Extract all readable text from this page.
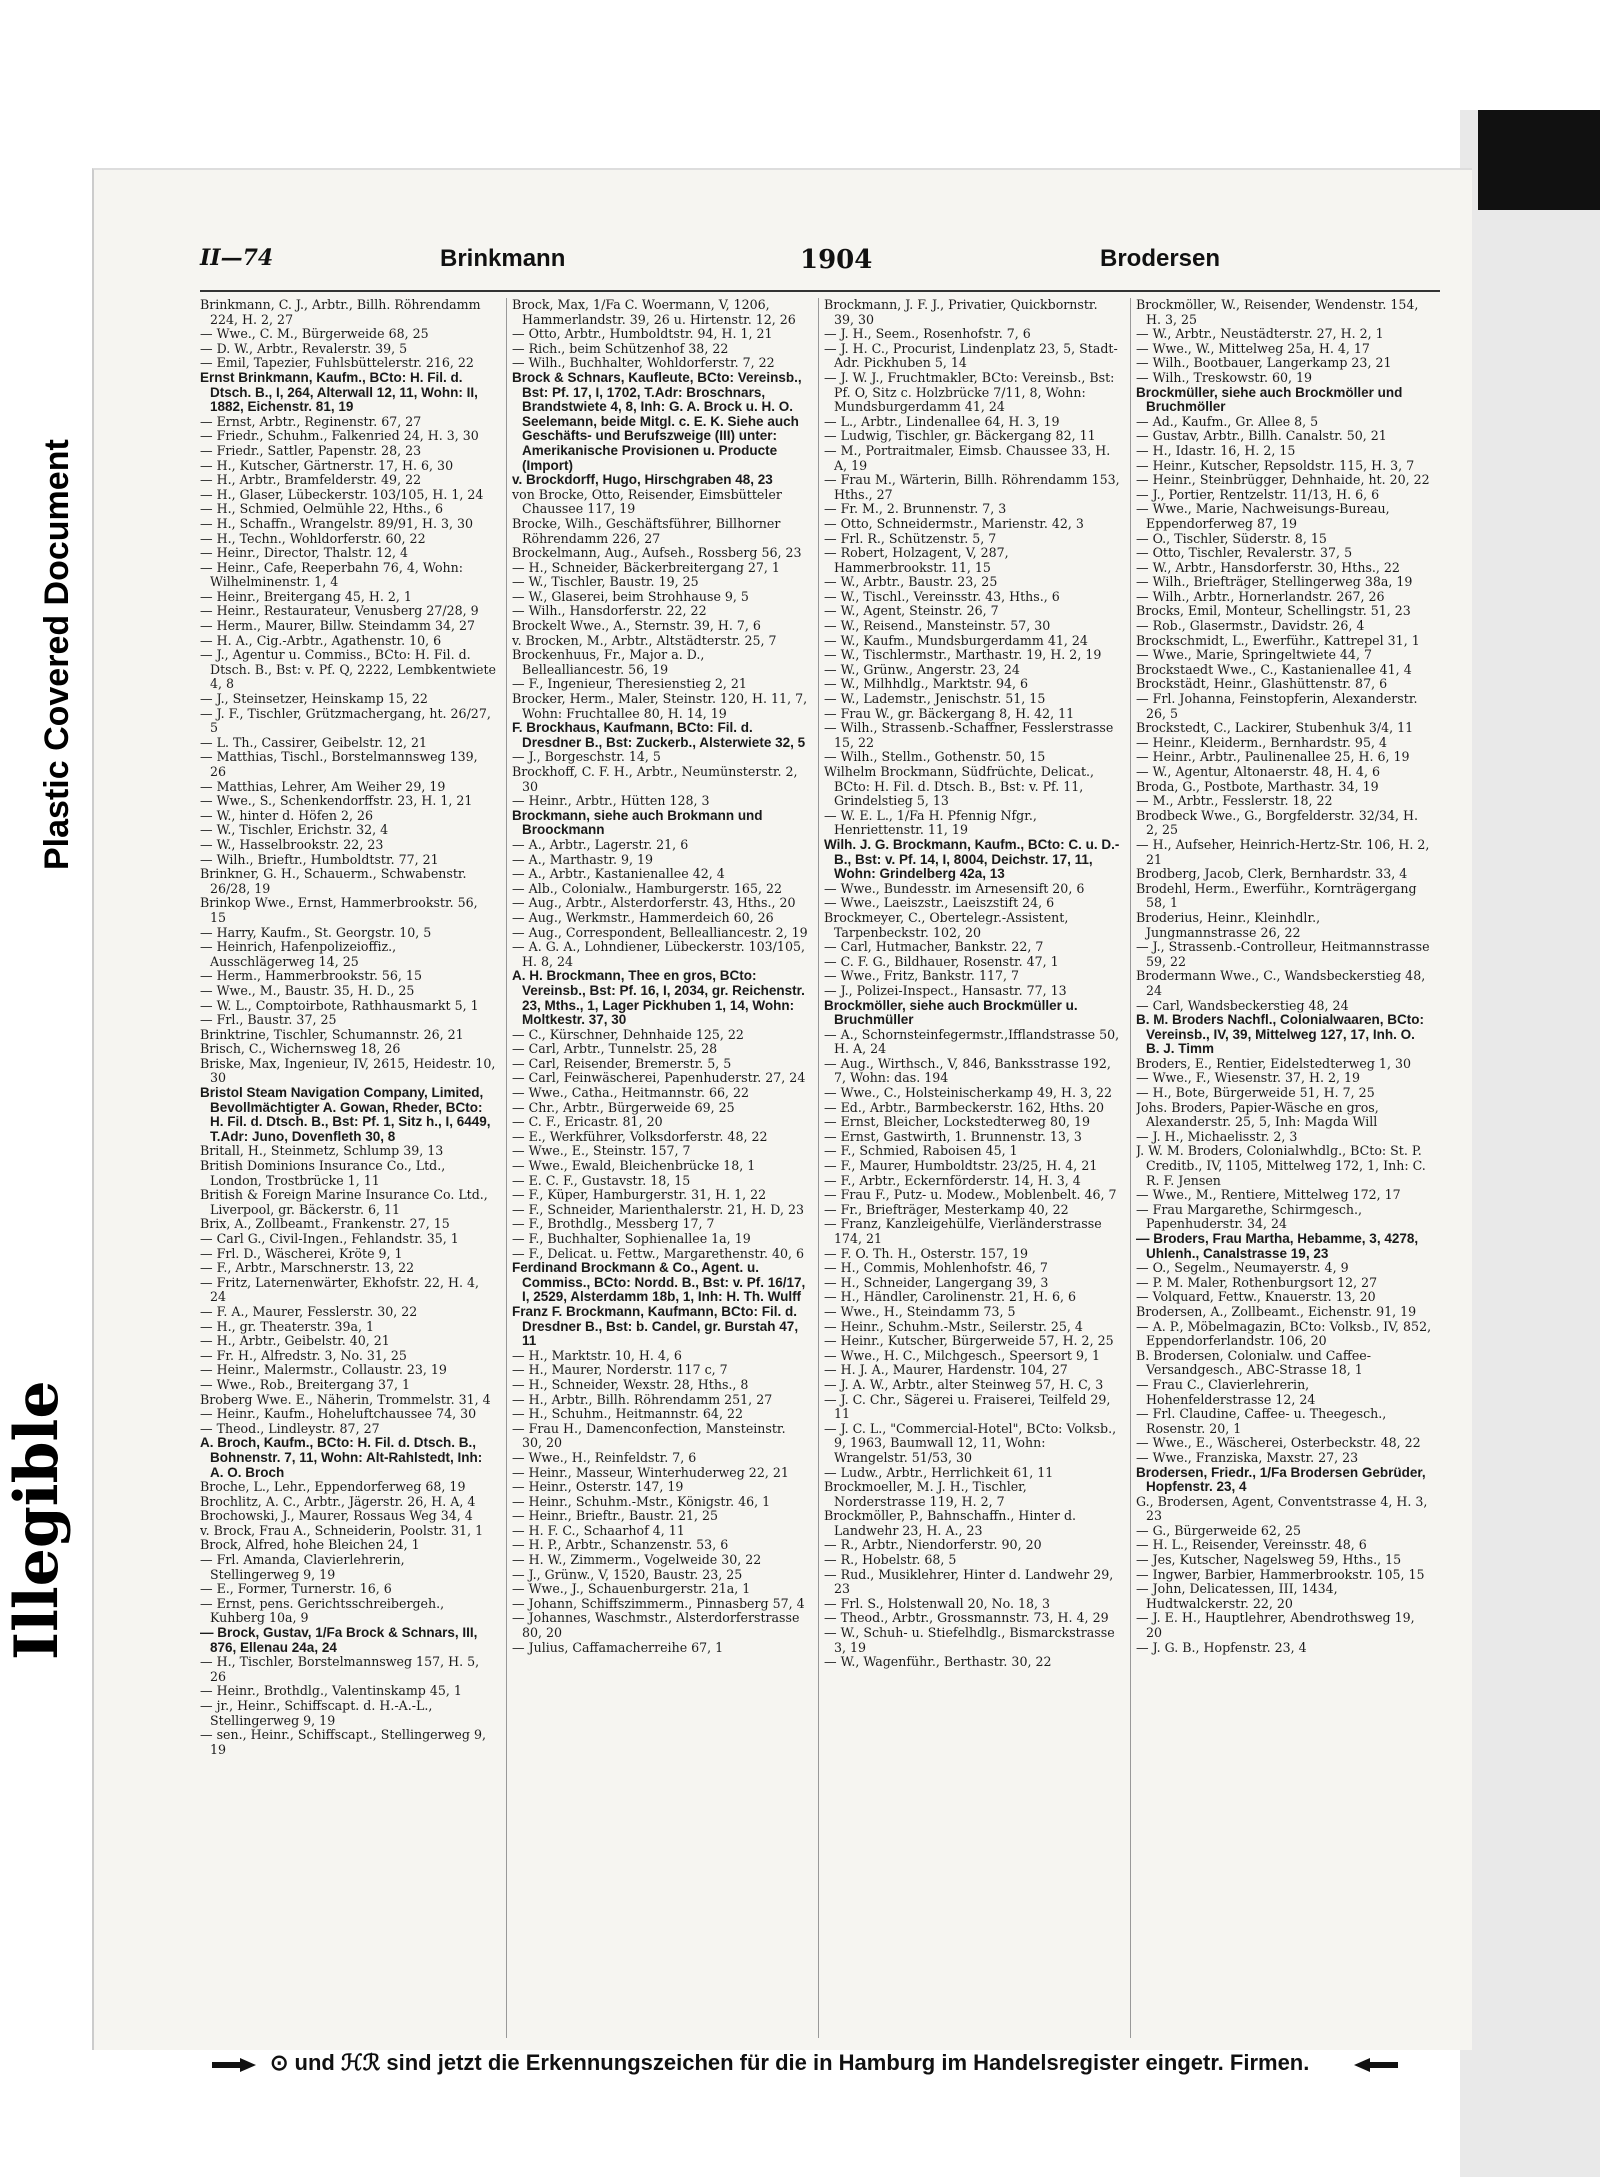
Plastic Covered Document
Illegible
II—74	Brinkmann	1904	Brodersen

Brinkmann, C. J., Arbtr., Billh. Röhrendamm 224, H. 2, 27

— Wwe., C. M., Bürgerweide 68, 25

— D. W., Arbtr., Revalerstr. 39, 5

— Emil, Tapezier, Fuhlsbüttelerstr. 216, 22

Ernst Brinkmann, Kaufm., BCto: H. Fil. d. Dtsch. B., I, 264, Alterwall 12, 11, Wohn: II, 1882, Eichenstr. 81, 19

— Ernst, Arbtr., Reginenstr. 67, 27

— Friedr., Schuhm., Falkenried 24, H. 3, 30

— Friedr., Sattler, Papenstr. 28, 23

— H., Kutscher, Gärtnerstr. 17, H. 6, 30

— H., Arbtr., Bramfelderstr. 49, 22

— H., Glaser, Lübeckerstr. 103/105, H. 1, 24

— H., Schmied, Oelmühle 22, Hths., 6

— H., Schaffn., Wrangelstr. 89/91, H. 3, 30

— H., Techn., Wohldorferstr. 60, 22

— Heinr., Director, Thalstr. 12, 4

— Heinr., Cafe, Reeperbahn 76, 4, Wohn: Wilhelminenstr. 1, 4

— Heinr., Breitergang 45, H. 2, 1

— Heinr., Restaurateur, Venusberg 27/28, 9

— Herm., Maurer, Billw. Steindamm 34, 27

— H. A., Cig.-Arbtr., Agathenstr. 10, 6

— J., Agentur u. Commiss., BCto: H. Fil. d. Dtsch. B., Bst: v. Pf. Q, 2222, Lembkentwiete 4, 8

— J., Steinsetzer, Heinskamp 15, 22

— J. F., Tischler, Grützmachergang, ht. 26/27, 5

— L. Th., Cassirer, Geibelstr. 12, 21

— Matthias, Tischl., Borstelmannsweg 139, 26

— Matthias, Lehrer, Am Weiher 29, 19

— Wwe., S., Schenkendorffstr. 23, H. 1, 21

— W., hinter d. Höfen 2, 26

— W., Tischler, Erichstr. 32, 4

— W., Hasselbrookstr. 22, 23

— Wilh., Brieftr., Humboldtstr. 77, 21

Brinkner, G. H., Schauerm., Schwabenstr. 26/28, 19

Brinkop Wwe., Ernst, Hammerbrookstr. 56, 15

— Harry, Kaufm., St. Georgstr. 10, 5

— Heinrich, Hafenpolizeioffiz., Ausschlägerweg 14, 25

— Herm., Hammerbrookstr. 56, 15

— Wwe., M., Baustr. 35, H. D., 25

— W. L., Comptoirbote, Rathhausmarkt 5, 1

— Frl., Baustr. 37, 25

Brinktrine, Tischler, Schumannstr. 26, 21

Brisch, C., Wichernsweg 18, 26

Briske, Max, Ingenieur, IV, 2615, Heidestr. 10, 30

Bristol Steam Navigation Company, Limited, Bevollmächtigter A. Gowan, Rheder, BCto: H. Fil. d. Dtsch. B., Bst: Pf. 1, Sitz h., I, 6449, T.Adr: Juno, Dovenfleth 30, 8

Britall, H., Steinmetz, Schlump 39, 13

British Dominions Insurance Co., Ltd., London, Trostbrücke 1, 11

British & Foreign Marine Insurance Co. Ltd., Liverpool, gr. Bäckerstr. 6, 11

Brix, A., Zollbeamt., Frankenstr. 27, 15

— Carl G., Civil-Ingen., Fehlandstr. 35, 1

— Frl. D., Wäscherei, Kröte 9, 1

— F., Arbtr., Marschnerstr. 13, 22

— Fritz, Laternenwärter, Ekhofstr. 22, H. 4, 24

— F. A., Maurer, Fesslerstr. 30, 22

— H., gr. Theaterstr. 39a, 1

— H., Arbtr., Geibelstr. 40, 21

— Fr. H., Alfredstr. 3, No. 31, 25

— Heinr., Malermstr., Collaustr. 23, 19

— Wwe., Rob., Breitergang 37, 1

Broberg Wwe. E., Näherin, Trommelstr. 31, 4

— Heinr., Kaufm., Hoheluftchaussee 74, 30

— Theod., Lindleystr. 87, 27

A. Broch, Kaufm., BCto: H. Fil. d. Dtsch. B., Bohnenstr. 7, 11, Wohn: Alt-Rahlstedt, Inh: A. O. Broch

Broche, L., Lehr., Eppendorferweg 68, 19

Brochlitz, A. C., Arbtr., Jägerstr. 26, H. A, 4

Brochowski, J., Maurer, Rossaus Weg 34, 4

v. Brock, Frau A., Schneiderin, Poolstr. 31, 1

Brock, Alfred, hohe Bleichen 24, 1

— Frl. Amanda, Clavierlehrerin, Stellingerweg 9, 19

— E., Former, Turnerstr. 16, 6

— Ernst, pens. Gerichtsschreibergeh., Kuhberg 10a, 9

— Brock, Gustav, 1/Fa Brock & Schnars, III, 876, Ellenau 24a, 24

— H., Tischler, Borstelmannsweg 157, H. 5, 26

— Heinr., Brothdlg., Valentinskamp 45, 1

— jr., Heinr., Schiffscapt. d. H.-A.-L., Stellingerweg 9, 19

— sen., Heinr., Schiffscapt., Stellingerweg 9, 19

Brock, Max, 1/Fa C. Woermann, V, 1206, Hammerlandstr. 39, 26 u. Hirtenstr. 12, 26

— Otto, Arbtr., Humboldtstr. 94, H. 1, 21

— Rich., beim Schützenhof 38, 22

— Wilh., Buchhalter, Wohldorferstr. 7, 22

Brock & Schnars, Kaufleute, BCto: Vereinsb., Bst: Pf. 17, I, 1702, T.Adr: Broschnars, Brandstwiete 4, 8, Inh: G. A. Brock u. H. O. Seelemann, beide Mitgl. c. E. K. Siehe auch Geschäfts- und Berufszweige (III) unter: Amerikanische Provisionen u. Producte (Import)

v. Brockdorff, Hugo, Hirschgraben 48, 23

von Brocke, Otto, Reisender, Eimsbütteler Chaussee 117, 19

Brocke, Wilh., Geschäftsführer, Billhorner Röhrendamm 226, 27

Brockelmann, Aug., Aufseh., Rossberg 56, 23

— H., Schneider, Bäckerbreitergang 27, 1

— W., Tischler, Baustr. 19, 25

— W., Glaserei, beim Strohhause 9, 5

— Wilh., Hansdorferstr. 22, 22

Brockelt Wwe., A., Sternstr. 39, H. 7, 6

v. Brocken, M., Arbtr., Altstädterstr. 25, 7

Brockenhuus, Fr., Major a. D., Bellealliancestr. 56, 19

— F., Ingenieur, Theresienstieg 2, 21

Brocker, Herm., Maler, Steinstr. 120, H. 11, 7, Wohn: Fruchtallee 80, H. 14, 19

F. Brockhaus, Kaufmann, BCto: Fil. d. Dresdner B., Bst: Zuckerb., Alsterwiete 32, 5

— J., Borgeschstr. 14, 5

Brockhoff, C. F. H., Arbtr., Neumünsterstr. 2, 30

— Heinr., Arbtr., Hütten 128, 3

Brockmann, siehe auch Brokmann und Broockmann

— A., Arbtr., Lagerstr. 21, 6

— A., Marthastr. 9, 19

— A., Arbtr., Kastanienallee 42, 4

— Alb., Colonialw., Hamburgerstr. 165, 22

— Aug., Arbtr., Alsterdorferstr. 43, Hths., 20

— Aug., Werkmstr., Hammerdeich 60, 26

— Aug., Correspondent, Bellealliancestr. 2, 19

— A. G. A., Lohndiener, Lübeckerstr. 103/105, H. 8, 24

A. H. Brockmann, Thee en gros, BCto: Vereinsb., Bst: Pf. 16, I, 2034, gr. Reichenstr. 23, Mths., 1, Lager Pickhuben 1, 14, Wohn: Moltkestr. 37, 30

— C., Kürschner, Dehnhaide 125, 22

— Carl, Arbtr., Tunnelstr. 25, 28

— Carl, Reisender, Bremerstr. 5, 5

— Carl, Feinwäscherei, Papenhuderstr. 27, 24

— Wwe., Catha., Heitmannstr. 66, 22

— Chr., Arbtr., Bürgerweide 69, 25

— C. F., Ericastr. 81, 20

— E., Werkführer, Volksdorferstr. 48, 22

— Wwe., E., Steinstr. 157, 7

— Wwe., Ewald, Bleichenbrücke 18, 1

— E. C. F., Gustavstr. 18, 15

— F., Küper, Hamburgerstr. 31, H. 1, 22

— F., Schneider, Marienthalerstr. 21, H. D, 23

— F., Brothdlg., Messberg 17, 7

— F., Buchhalter, Sophienallee 1a, 19

— F., Delicat. u. Fettw., Margarethenstr. 40, 6

Ferdinand Brockmann & Co., Agent. u. Commiss., BCto: Nordd. B., Bst: v. Pf. 16/17, I, 2529, Alsterdamm 18b, 1, Inh: H. Th. Wulff

Franz F. Brockmann, Kaufmann, BCto: Fil. d. Dresdner B., Bst: b. Candel, gr. Burstah 47, 11

— H., Marktstr. 10, H. 4, 6

— H., Maurer, Norderstr. 117 c, 7

— H., Schneider, Wexstr. 28, Hths., 8

— H., Arbtr., Billh. Röhrendamm 251, 27

— H., Schuhm., Heitmannstr. 64, 22

— Frau H., Damenconfection, Mansteinstr. 30, 20

— Wwe., H., Reinfeldstr. 7, 6

— Heinr., Masseur, Winterhuderweg 22, 21

— Heinr., Osterstr. 147, 19

— Heinr., Schuhm.-Mstr., Königstr. 46, 1

— Heinr., Brieftr., Baustr. 21, 25

— H. F. C., Schaarhof 4, 11

— H. P., Arbtr., Schanzenstr. 53, 6

— H. W., Zimmerm., Vogelweide 30, 22

— J., Grünw., V, 1520, Baustr. 23, 25

— Wwe., J., Schauenburgerstr. 21a, 1

— Johann, Schiffszimmerm., Pinnasberg 57, 4

— Johannes, Waschmstr., Alsterdorferstrasse 80, 20

— Julius, Caffamacherreihe 67, 1

Brockmann, J. F. J., Privatier, Quickbornstr. 39, 30

— J. H., Seem., Rosenhofstr. 7, 6

— J. H. C., Procurist, Lindenplatz 23, 5, Stadt-Adr. Pickhuben 5, 14

— J. W. J., Fruchtmakler, BCto: Vereinsb., Bst: Pf. O, Sitz c. Holzbrücke 7/11, 8, Wohn: Mundsburgerdamm 41, 24

— L., Arbtr., Lindenallee 64, H. 3, 19

— Ludwig, Tischler, gr. Bäckergang 82, 11

— M., Portraitmaler, Eimsb. Chaussee 33, H. A, 19

— Frau M., Wärterin, Billh. Röhrendamm 153, Hths., 27

— Fr. M., 2. Brunnenstr. 7, 3

— Otto, Schneidermstr., Marienstr. 42, 3

— Frl. R., Schützenstr. 5, 7

— Robert, Holzagent, V, 287, Hammerbrookstr. 11, 15

— W., Arbtr., Baustr. 23, 25

— W., Tischl., Vereinsstr. 43, Hths., 6

— W., Agent, Steinstr. 26, 7

— W., Reisend., Mansteinstr. 57, 30

— W., Kaufm., Mundsburgerdamm 41, 24

— W., Tischlermstr., Marthastr. 19, H. 2, 19

— W., Grünw., Angerstr. 23, 24

— W., Milhhdlg., Marktstr. 94, 6

— W., Lademstr., Jenischstr. 51, 15

— Frau W., gr. Bäckergang 8, H. 42, 11

— Wilh., Strassenb.-Schaffner, Fesslerstrasse 15, 22

— Wilh., Stellm., Gothenstr. 50, 15

Wilhelm Brockmann, Südfrüchte, Delicat., BCto: H. Fil. d. Dtsch. B., Bst: v. Pf. 11, Grindelstieg 5, 13

— W. E. L., 1/Fa H. Pfennig Nfgr., Henriettenstr. 11, 19

Wilh. J. G. Brockmann, Kaufm., BCto: C. u. D.-B., Bst: v. Pf. 14, I, 8004, Deichstr. 17, 11, Wohn: Grindelberg 42a, 13

— Wwe., Bundesstr. im Arnesensift 20, 6

— Wwe., Laeiszstr., Laeiszstift 24, 6

Brockmeyer, C., Obertelegr.-Assistent, Tarpenbeckstr. 102, 20

— Carl, Hutmacher, Bankstr. 22, 7

— C. F. G., Bildhauer, Rosenstr. 47, 1

— Wwe., Fritz, Bankstr. 117, 7

— J., Polizei-Inspect., Hansastr. 77, 13

Brockmöller, siehe auch Brockmüller u. Bruchmüller

— A., Schornsteinfegermstr.,Ifflandstrasse 50, H. A, 24

— Aug., Wirthsch., V, 846, Banksstrasse 192, 7, Wohn: das. 194

— Wwe., C., Holsteinischerkamp 49, H. 3, 22

— Ed., Arbtr., Barmbeckerstr. 162, Hths. 20

— Ernst, Bleicher, Lockstedterweg 80, 19

— Ernst, Gastwirth, 1. Brunnenstr. 13, 3

— F., Schmied, Raboisen 45, 1

— F., Maurer, Humboldtstr. 23/25, H. 4, 21

— F., Arbtr., Eckernförderstr. 14, H. 3, 4

— Frau F., Putz- u. Modew., Moblenbelt. 46, 7

— Fr., Briefträger, Mesterkamp 40, 22

— Franz, Kanzleigehülfe, Vierländerstrasse 174, 21

— F. O. Th. H., Osterstr. 157, 19

— H., Commis, Mohlenhofstr. 46, 7

— H., Schneider, Langergang 39, 3

— H., Händler, Carolinenstr. 21, H. 6, 6

— Wwe., H., Steindamm 73, 5

— Heinr., Schuhm.-Mstr., Seilerstr. 25, 4

— Heinr., Kutscher, Bürgerweide 57, H. 2, 25

— Wwe., H. C., Milchgesch., Speersort 9, 1

— H. J. A., Maurer, Hardenstr. 104, 27

— J. A. W., Arbtr., alter Steinweg 57, H. C, 3

— J. C. Chr., Sägerei u. Fraiserei, Teilfeld 29, 11

— J. C. L., "Commercial-Hotel", BCto: Volksb., 9, 1963, Baumwall 12, 11, Wohn: Wrangelstr. 51/53, 30

— Ludw., Arbtr., Herrlichkeit 61, 11

Brockmoeller, M. J. H., Tischler, Norderstrasse 119, H. 2, 7

Brockmöller, P., Bahnschaffn., Hinter d. Landwehr 23, H. A., 23

— R., Arbtr., Niendorferstr. 90, 20

— R., Hobelstr. 68, 5

— Rud., Musiklehrer, Hinter d. Landwehr 29, 23

— Frl. S., Holstenwall 20, No. 18, 3

— Theod., Arbtr., Grossmannstr. 73, H. 4, 29

— W., Schuh- u. Stiefelhdlg., Bismarckstrasse 3, 19

— W., Wagenführ., Berthastr. 30, 22

Brockmöller, W., Reisender, Wendenstr. 154, H. 3, 25

— W., Arbtr., Neustädterstr. 27, H. 2, 1

— Wwe., W., Mittelweg 25a, H. 4, 17

— Wilh., Bootbauer, Langerkamp 23, 21

— Wilh., Treskowstr. 60, 19

Brockmüller, siehe auch Brockmöller und Bruchmöller

— Ad., Kaufm., Gr. Allee 8, 5

— Gustav, Arbtr., Billh. Canalstr. 50, 21

— H., Idastr. 16, H. 2, 15

— Heinr., Kutscher, Repsoldstr. 115, H. 3, 7

— Heinr., Steinbrügger, Dehnhaide, ht. 20, 22

— J., Portier, Rentzelstr. 11/13, H. 6, 6

— Wwe., Marie, Nachweisungs-Bureau, Eppendorferweg 87, 19

— O., Tischler, Süderstr. 8, 15

— Otto, Tischler, Revalerstr. 37, 5

— W., Arbtr., Hansdorferstr. 30, Hths., 22

— Wilh., Briefträger, Stellingerweg 38a, 19

— Wilh., Arbtr., Hornerlandstr. 267, 26

Brocks, Emil, Monteur, Schellingstr. 51, 23

— Rob., Glasermstr., Davidstr. 26, 4

Brockschmidt, L., Ewerführ., Kattrepel 31, 1

— Wwe., Marie, Springeltwiete 44, 7

Brockstaedt Wwe., C., Kastanienallee 41, 4

Brockstädt, Heinr., Glashüttenstr. 87, 6

— Frl. Johanna, Feinstopferin, Alexanderstr. 26, 5

Brockstedt, C., Lackirer, Stubenhuk 3/4, 11

— Heinr., Kleiderm., Bernhardstr. 95, 4

— Heinr., Arbtr., Paulinenallee 25, H. 6, 19

— W., Agentur, Altonaerstr. 48, H. 4, 6

Broda, G., Postbote, Marthastr. 34, 19

— M., Arbtr., Fesslerstr. 18, 22

Brodbeck Wwe., G., Borgfelderstr. 32/34, H. 2, 25

— H., Aufseher, Heinrich-Hertz-Str. 106, H. 2, 21

Brodberg, Jacob, Clerk, Bernhardstr. 33, 4

Brodehl, Herm., Ewerführ., Kornträgergang 58, 1

Broderius, Heinr., Kleinhdlr., Jungmannstrasse 26, 22

— J., Strassenb.-Controlleur, Heitmannstrasse 59, 22

Brodermann Wwe., C., Wandsbeckerstieg 48, 24

— Carl, Wandsbeckerstieg 48, 24

B. M. Broders Nachfl., Colonialwaaren, BCto: Vereinsb., IV, 39, Mittelweg 127, 17, Inh. O. B. J. Timm

Broders, E., Rentier, Eidelstedterweg 1, 30

— Wwe., F., Wiesenstr. 37, H. 2, 19

— H., Bote, Bürgerweide 51, H. 7, 25

Johs. Broders, Papier-Wäsche en gros, Alexanderstr. 25, 5, Inh: Magda Will

— J. H., Michaelisstr. 2, 3

J. W. M. Broders, Colonialwhdlg., BCto: St. P. Creditb., IV, 1105, Mittelweg 172, 1, Inh: C. R. F. Jensen

— Wwe., M., Rentiere, Mittelweg 172, 17

— Frau Margarethe, Schirmgesch., Papenhuderstr. 34, 24

— Broders, Frau Martha, Hebamme, 3, 4278, Uhlenh., Canalstrasse 19, 23

— O., Segelm., Neumayerstr. 4, 9

— P. M. Maler, Rothenburgsort 12, 27

— Volquard, Fettw., Knauerstr. 13, 20

Brodersen, A., Zollbeamt., Eichenstr. 91, 19

— A. P., Möbelmagazin, BCto: Volksb., IV, 852, Eppendorferlandstr. 106, 20

B. Brodersen, Colonialw. und Caffee-Versandgesch., ABC-Strasse 18, 1

— Frau C., Clavierlehrerin, Hohenfelderstrasse 12, 24

— Frl. Claudine, Caffee- u. Theegesch., Rosenstr. 20, 1

— Wwe., E., Wäscherei, Osterbeckstr. 48, 22

— Wwe., Franziska, Maxstr. 27, 23

Brodersen, Friedr., 1/Fa Brodersen Gebrüder, Hopfenstr. 23, 4

G., Brodersen, Agent, Conventstrasse 4, H. 3, 23

— G., Bürgerweide 62, 25

— H. L., Reisender, Vereinsstr. 48, 6

— Jes, Kutscher, Nagelsweg 59, Hths., 15

— Ingwer, Barbier, Hammerbrookstr. 105, 15

— John, Delicatessen, III, 1434, Hudtwalckerstr. 22, 20

— J. E. H., Hauptlehrer, Abendrothsweg 19, 20

— J. G. B., Hopfenstr. 23, 4

⊙ und ℋℛ sind jetzt die Erkennungszeichen für die in Hamburg im Handelsregister eingetr. Firmen.
